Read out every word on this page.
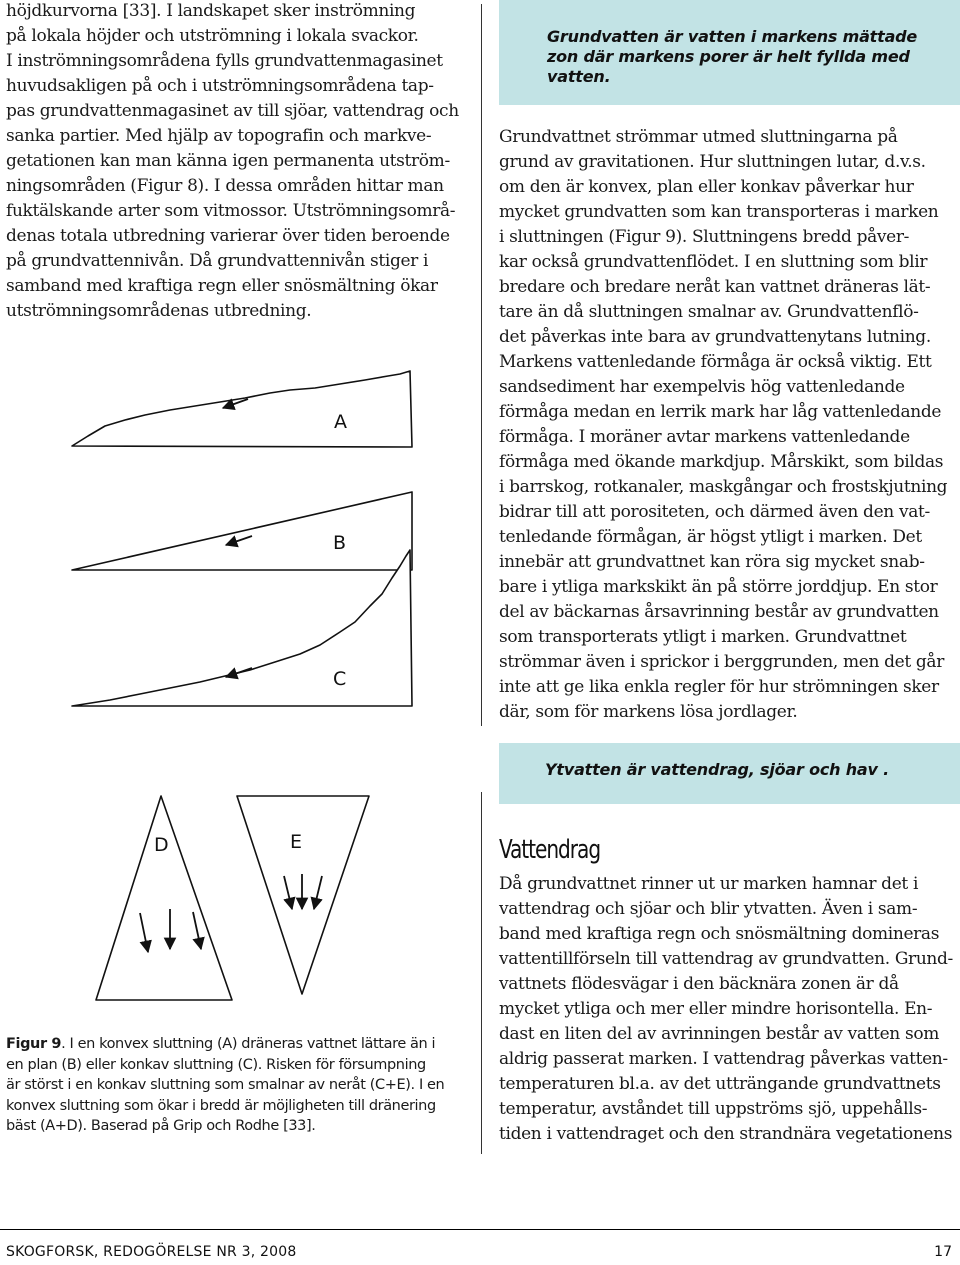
höjdkurvorna [33]. I landskapet sker inströmning
på lokala höjder och utströmning i lokala svackor.
I inströmningsområdena fylls grundvattenmagasinet
huvudsakligen på och i utströmningsområdena tap-
pas grundvattenmagasinet av till sjöar, vattendrag och
sanka partier. Med hjälp av topografin och markve-
getationen kan man känna igen permanenta utström-
ningsområden (Figur 8). I dessa områden hittar man
fuktälskande arter som vitmossor. Utströmningsområ-
denas totala utbredning varierar över tiden beroende
på grundvattennivån. Då grundvattennivån stiger i
samband med kraftiga regn eller snösmältning ökar
utströmningsområdenas utbredning.
Grundvatten är vatten i markens mättade
zon där markens porer är helt fyllda med
vatten.
Grundvattnet strömmar utmed sluttningarna på
grund av gravitationen. Hur sluttningen lutar, d.v.s.
om den är konvex, plan eller konkav påverkar hur
mycket grundvatten som kan transporteras i marken
i sluttningen (Figur 9). Sluttningens bredd påver-
kar också grundvattenflödet. I en sluttning som blir
bredare och bredare neråt kan vattnet dräneras lät-
tare än då sluttningen smalnar av. Grundvattenflö-
det påverkas inte bara av grundvattenytans lutning.
Markens vattenledande förmåga är också viktig. Ett
sandsediment har exempelvis hög vattenledande
förmåga medan en lerrik mark har låg vattenledande
förmåga. I moräner avtar markens vattenledande
förmåga med ökande markdjup. Mårskikt, som bildas
i barrskog, rotkanaler, maskgångar och frostskjutning
bidrar till att porositeten, och därmed även den vat-
tenledande förmågan, är högst ytligt i marken. Det
innebär att grundvattnet kan röra sig mycket snab-
bare i ytliga markskikt än på större jorddjup. En stor
del av bäckarnas årsavrinning består av grundvatten
som transporterats ytligt i marken. Grundvattnet
strömmar även i sprickor i berggrunden, men det går
inte att ge lika enkla regler för hur strömningen sker
där, som för markens lösa jordlager.
Ytvatten är vattendrag, sjöar och hav .
Vattendrag
Då grundvattnet rinner ut ur marken hamnar det i
vattendrag och sjöar och blir ytvatten. Även i sam-
band med kraftiga regn och snösmältning domineras
vattentillförseln till vattendrag av grundvatten. Grund-
vattnets flödesvägar i den bäcknära zonen är då
mycket ytliga och mer eller mindre horisontella. En-
dast en liten del av avrinningen består av vatten som
aldrig passerat marken. I vattendrag påverkas vatten-
temperaturen bl.a. av det utträngande grundvattnets
temperatur, avståndet till uppströms sjö, uppehålls-
tiden i vattendraget och den strandnära vegetationens
A
B
C
D	E
Figur 9. I en konvex sluttning (A) dräneras vattnet lättare än i
en plan (B) eller konkav sluttning (C). Risken för försumpning
är störst i en konkav sluttning som smalnar av neråt (C+E). I en
konvex sluttning som ökar i bredd är möjligheten till dränering
bäst (A+D). Baserad på Grip och Rodhe [33].
SKOGFORSK, REDOGÖRELSE NR 3, 2008	17
